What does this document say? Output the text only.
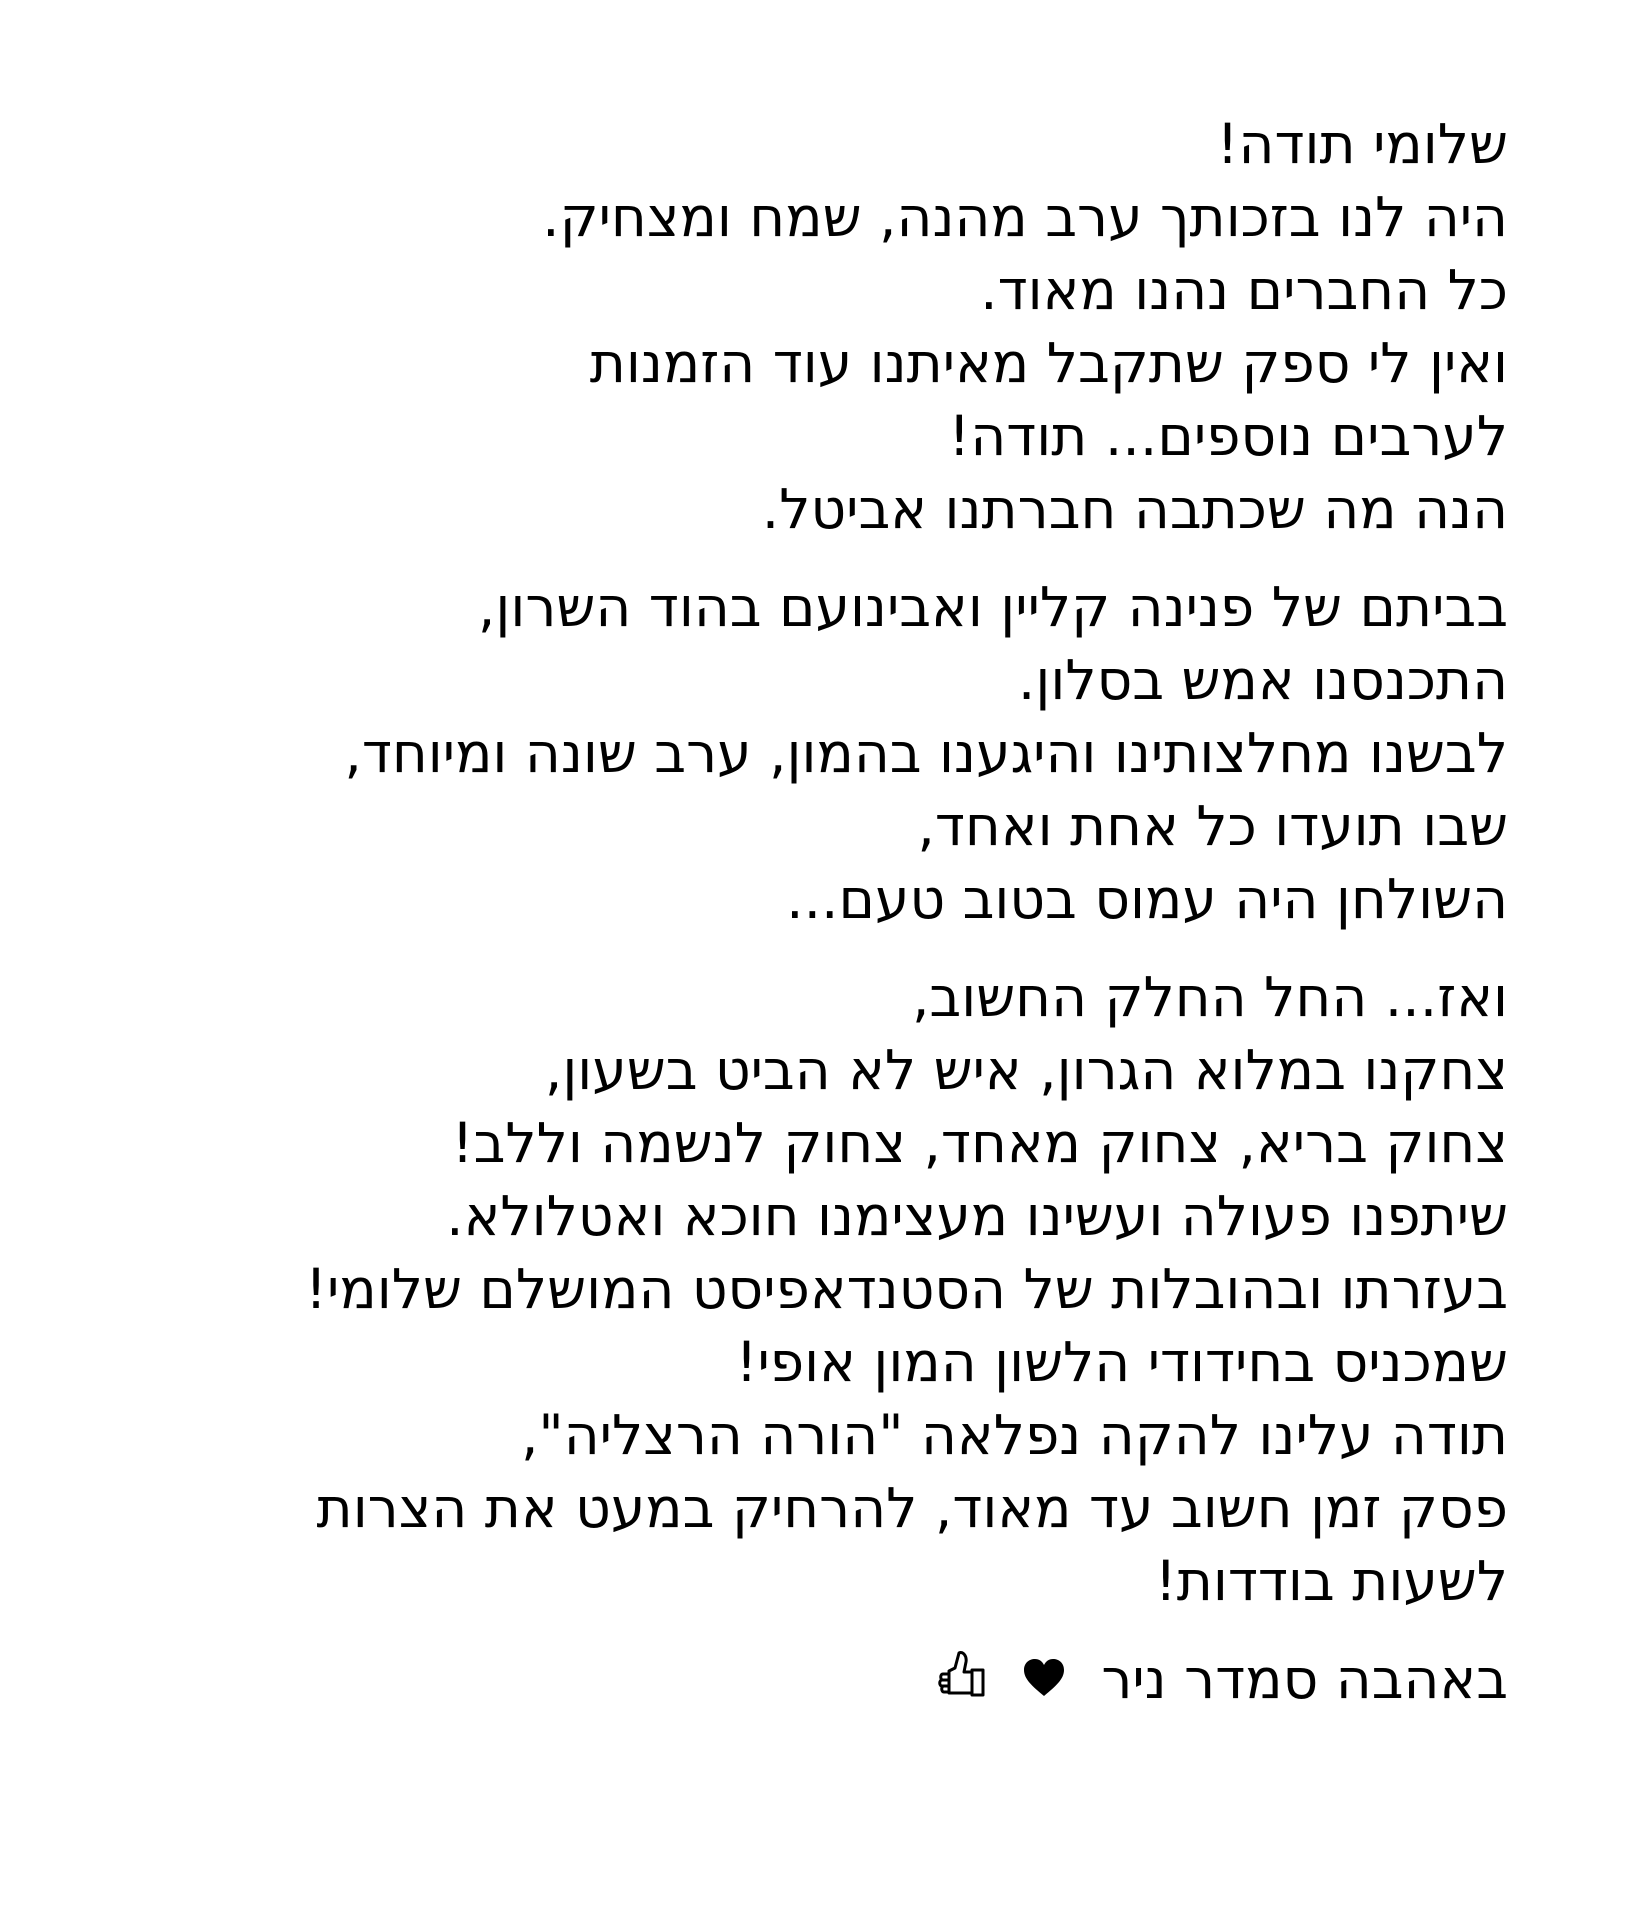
שלומי תודה!
היה לנו בזכותך ערב מהנה, שמח ומצחיק.
כל החברים נהנו מאוד.
ואין לי ספק שתקבל מאיתנו עוד הזמנות
לערבים נוספים... תודה!
הנה מה שכתבה חברתנו אביטל.
בביתם של פנינה קליין ואבינועם בהוד השרון,
התכנסנו אמש בסלון.
לבשנו מחלצותינו והיגענו בהמון, ערב שונה ומיוחד,
שבו תועדו כל אחת ואחד,
השולחן היה עמוס בטוב טעם...
ואז... החל החלק החשוב,
צחקנו במלוא הגרון, איש לא הביט בשעון,
צחוק בריא, צחוק מאחד, צחוק לנשמה וללב!
שיתפנו פעולה ועשינו מעצימנו חוכא ואטלולא.
בעזרתו ובהובלות של הסטנדאפיסט המושלם שלומי!
שמכניס בחידודי הלשון המון אופי!
תודה עלינו להקה נפלאה "הורה הרצליה",
פסק זמן חשוב עד מאוד, להרחיק במעט את הצרות
לשעות בודדות!
באהבה סמדר ניר
